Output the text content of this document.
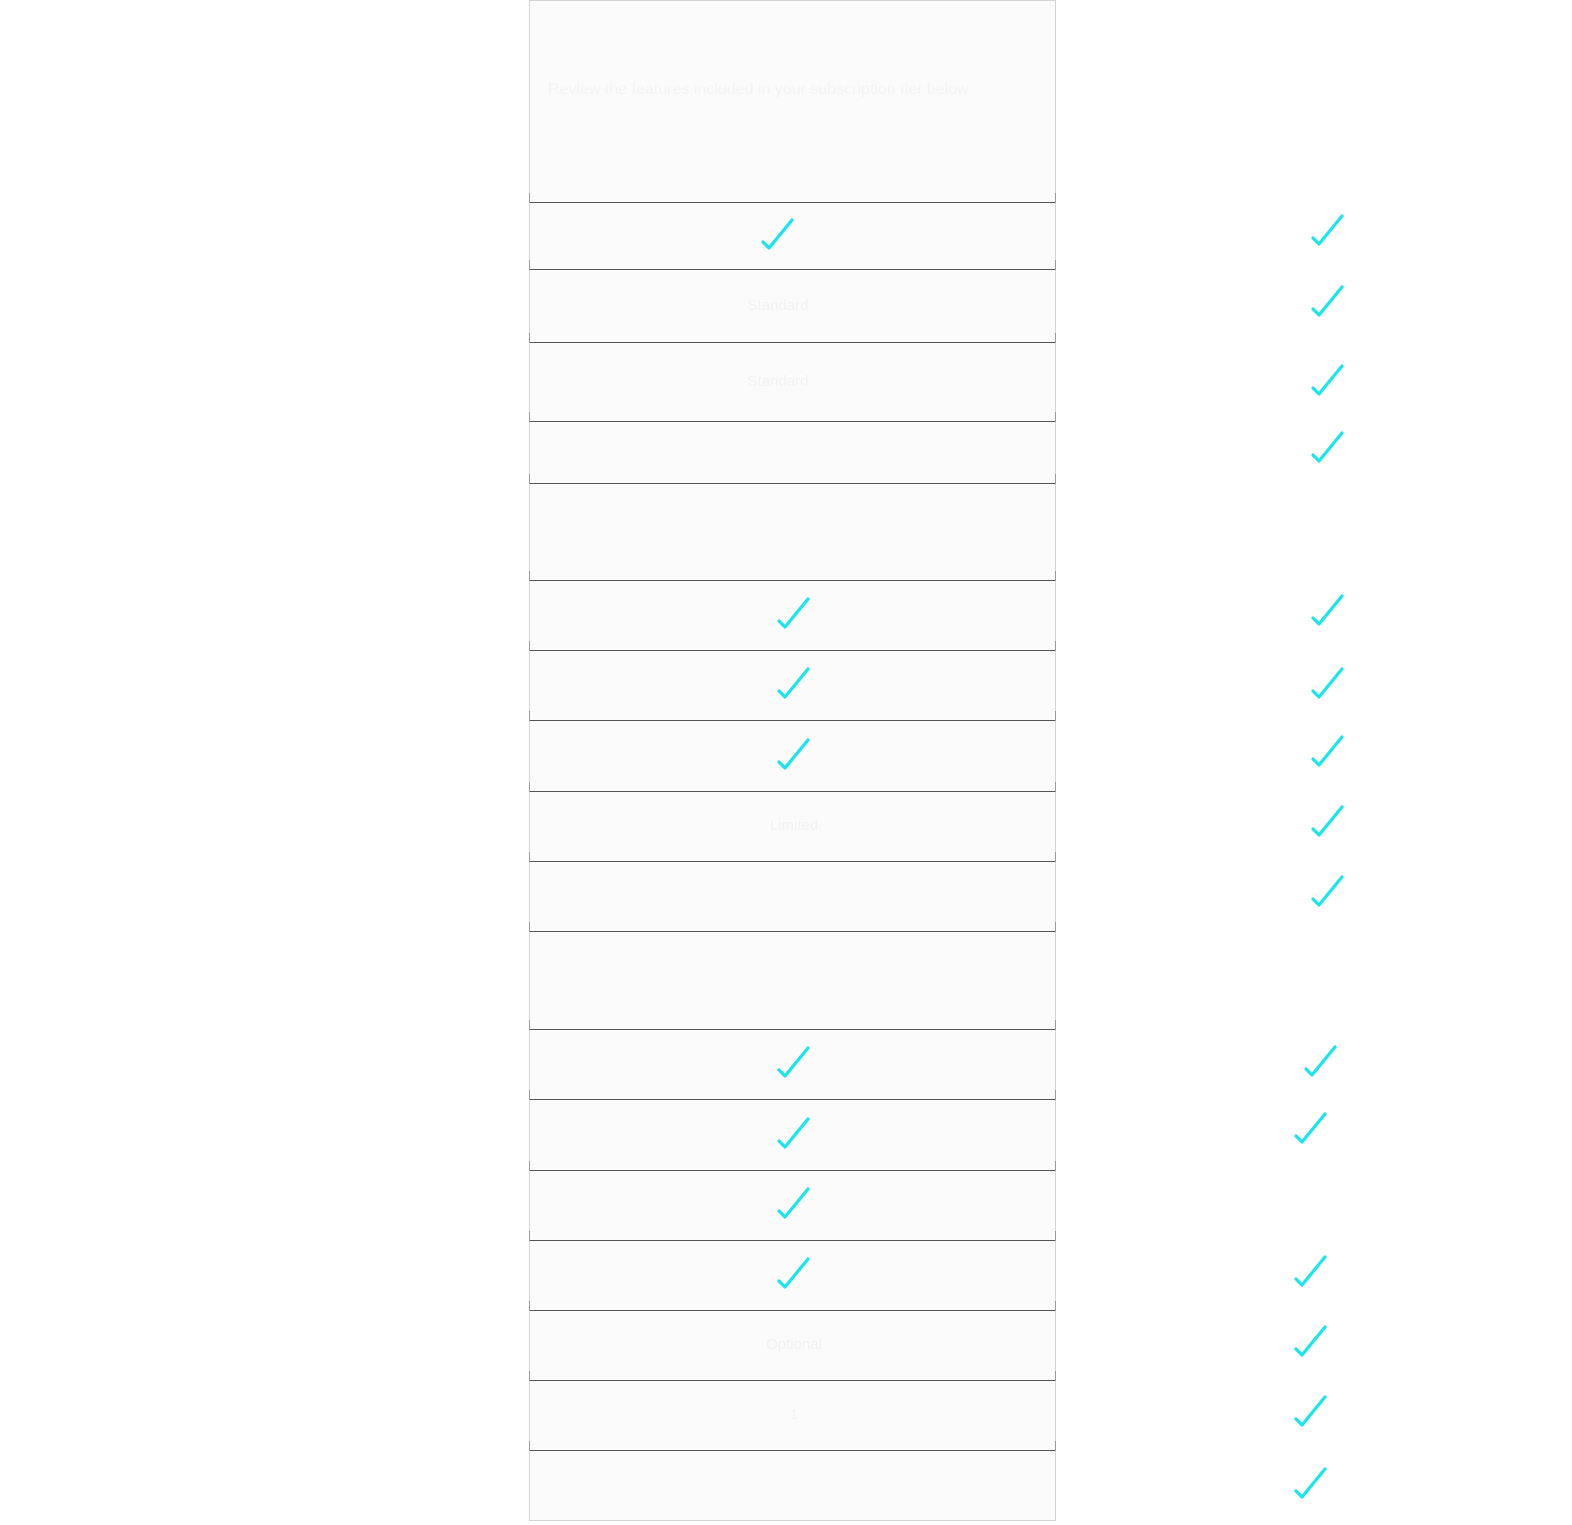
Online Business Subscription Plan Details

Review the features included in your subscription tier below.

Standard
Standard
Limited
Optional
1
